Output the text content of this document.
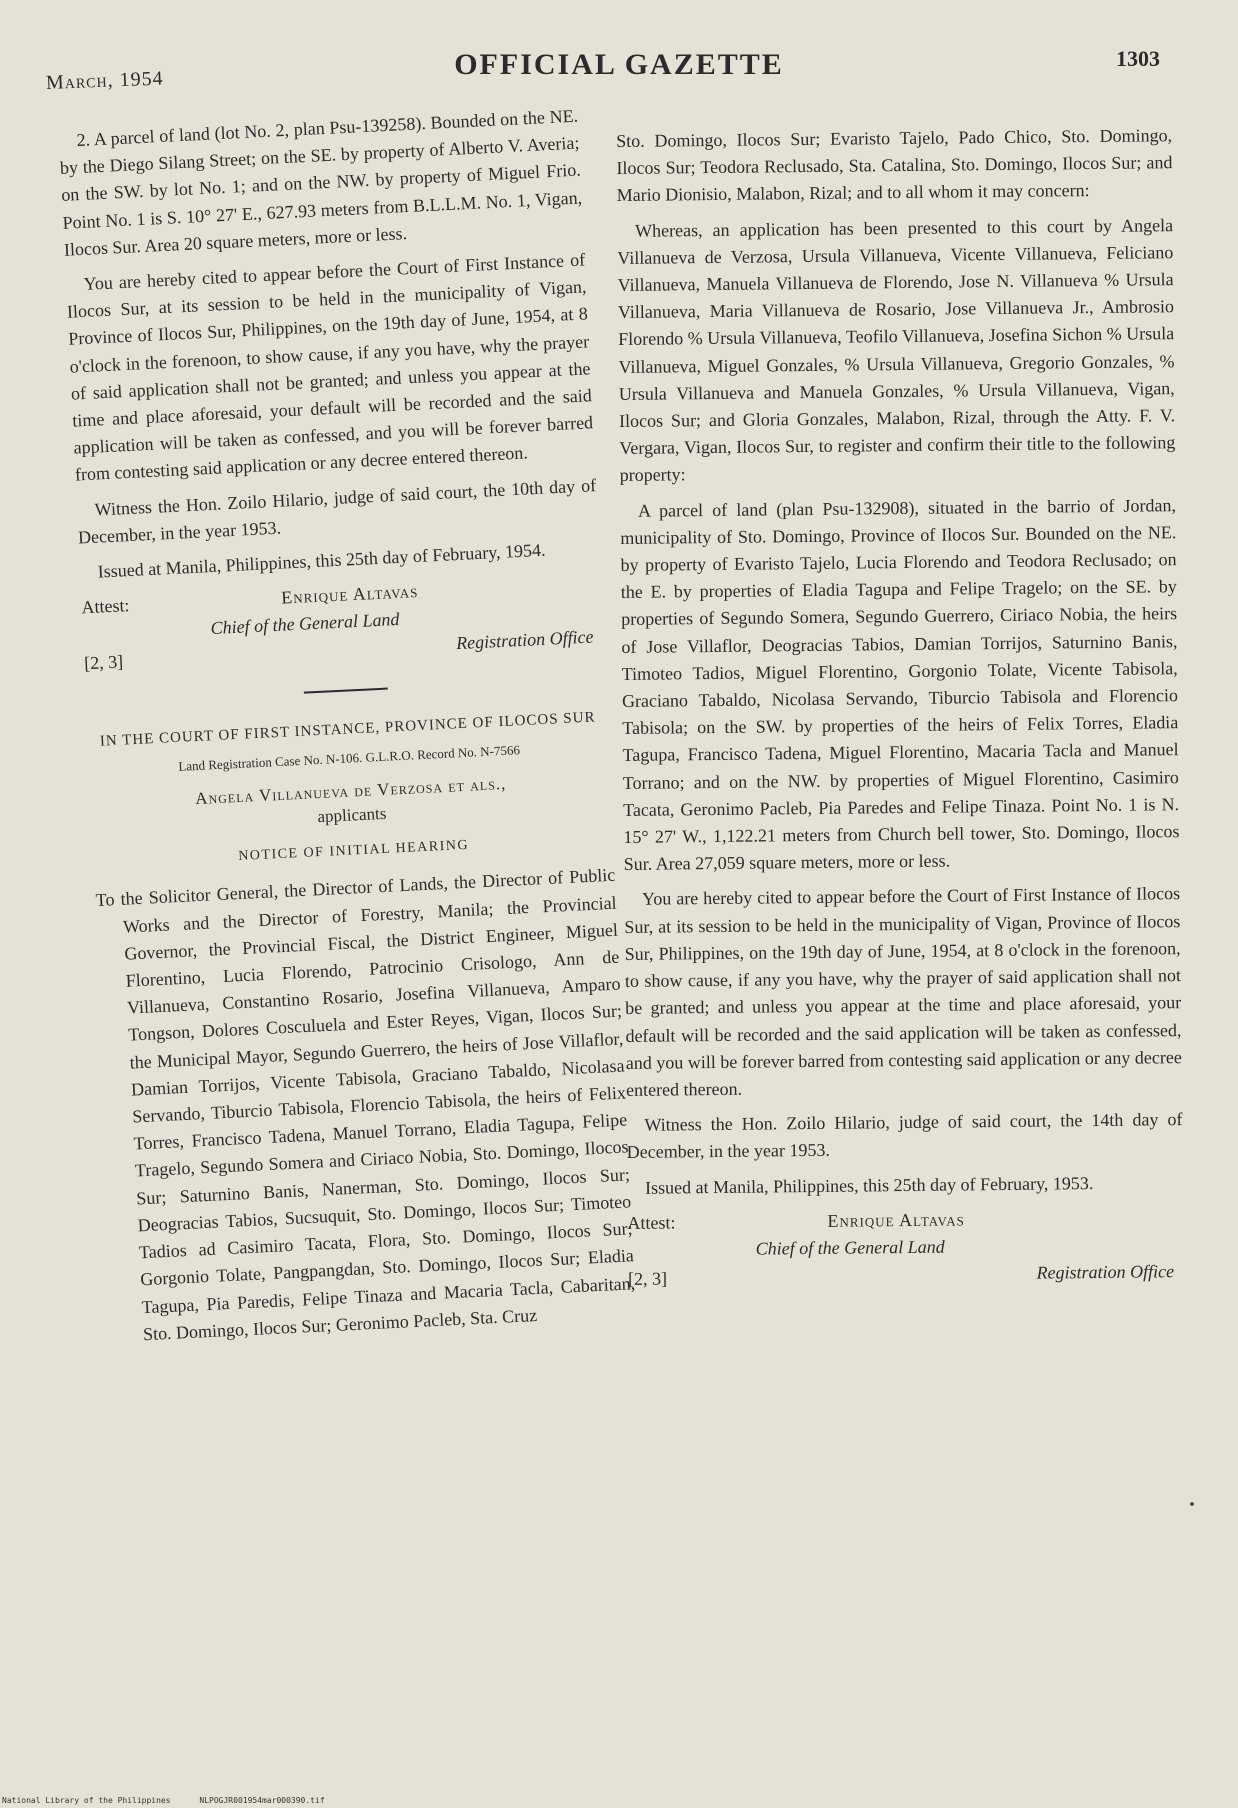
March, 1954	OFFICIAL GAZETTE	1303

2. A parcel of land (lot No. 2, plan Psu-139258). Bounded on the NE. by the Diego Silang Street; on the SE. by property of Alberto V. Averia; on the SW. by lot No. 1; and on the NW. by property of Miguel Frio. Point No. 1 is S. 10° 27' E., 627.93 meters from B.L.L.M. No. 1, Vigan, Ilocos Sur. Area 20 square meters, more or less.

You are hereby cited to appear before the Court of First Instance of Ilocos Sur, at its session to be held in the municipality of Vigan, Province of Ilocos Sur, Philippines, on the 19th day of June, 1954, at 8 o'clock in the forenoon, to show cause, if any you have, why the prayer of said application shall not be granted; and unless you appear at the time and place aforesaid, your default will be recorded and the said application will be taken as confessed, and you will be forever barred from contesting said application or any decree entered thereon.

Witness the Hon. Zoilo Hilario, judge of said court, the 10th day of December, in the year 1953.

Issued at Manila, Philippines, this 25th day of February, 1954.

Attest:	Enrique Altavas
Chief of the General Land
Registration Office
[2, 3]
IN THE COURT OF FIRST INSTANCE, PROVINCE OF ILOCOS SUR
Land Registration Case No. N-106. G.L.R.O. Record No. N-7566
Angela Villanueva de Verzosa et als.,
applicants
NOTICE OF INITIAL HEARING

To the Solicitor General, the Director of Lands, the Director of Public Works and the Director of Forestry, Manila; the Provincial Governor, the Provincial Fiscal, the District Engineer, Miguel Florentino, Lucia Florendo, Patrocinio Crisologo, Ann de Villanueva, Constantino Rosario, Josefina Villanueva, Amparo Tongson, Dolores Cosculuela and Ester Reyes, Vigan, Ilocos Sur; the Municipal Mayor, Segundo Guerrero, the heirs of Jose Villaflor, Damian Torrijos, Vicente Tabisola, Graciano Tabaldo, Nicolasa Servando, Tiburcio Tabisola, Florencio Tabisola, the heirs of Felix Torres, Francisco Tadena, Manuel Torrano, Eladia Tagupa, Felipe Tragelo, Segundo Somera and Ciriaco Nobia, Sto. Domingo, Ilocos Sur; Saturnino Banis, Nanerman, Sto. Domingo, Ilocos Sur; Deogracias Tabios, Sucsuquit, Sto. Domingo, Ilocos Sur; Timoteo Tadios ad Casimiro Tacata, Flora, Sto. Domingo, Ilocos Sur; Gorgonio Tolate, Pangpangdan, Sto. Domingo, Ilocos Sur; Eladia Tagupa, Pia Paredis, Felipe Tinaza and Macaria Tacla, Cabaritan, Sto. Domingo, Ilocos Sur; Geronimo Pacleb, Sta. Cruz

Sto. Domingo, Ilocos Sur; Evaristo Tajelo, Pado Chico, Sto. Domingo, Ilocos Sur; Teodora Reclusado, Sta. Catalina, Sto. Domingo, Ilocos Sur; and Mario Dionisio, Malabon, Rizal; and to all whom it may concern:

Whereas, an application has been presented to this court by Angela Villanueva de Verzosa, Ursula Villanueva, Vicente Villanueva, Feliciano Villanueva, Manuela Villanueva de Florendo, Jose N. Villanueva % Ursula Villanueva, Maria Villanueva de Rosario, Jose Villanueva Jr., Ambrosio Florendo % Ursula Villanueva, Teofilo Villanueva, Josefina Sichon % Ursula Villanueva, Miguel Gonzales, % Ursula Villanueva, Gregorio Gonzales, % Ursula Villanueva and Manuela Gonzales, % Ursula Villanueva, Vigan, Ilocos Sur; and Gloria Gonzales, Malabon, Rizal, through the Atty. F. V. Vergara, Vigan, Ilocos Sur, to register and confirm their title to the following property:

A parcel of land (plan Psu-132908), situated in the barrio of Jordan, municipality of Sto. Domingo, Province of Ilocos Sur. Bounded on the NE. by property of Evaristo Tajelo, Lucia Florendo and Teodora Reclusado; on the E. by properties of Eladia Tagupa and Felipe Tragelo; on the SE. by properties of Segundo Somera, Segundo Guerrero, Ciriaco Nobia, the heirs of Jose Villaflor, Deogracias Tabios, Damian Torrijos, Saturnino Banis, Timoteo Tadios, Miguel Florentino, Gorgonio Tolate, Vicente Tabisola, Graciano Tabaldo, Nicolasa Servando, Tiburcio Tabisola and Florencio Tabisola; on the SW. by properties of the heirs of Felix Torres, Eladia Tagupa, Francisco Tadena, Miguel Florentino, Macaria Tacla and Manuel Torrano; and on the NW. by properties of Miguel Florentino, Casimiro Tacata, Geronimo Pacleb, Pia Paredes and Felipe Tinaza. Point No. 1 is N. 15° 27' W., 1,122.21 meters from Church bell tower, Sto. Domingo, Ilocos Sur. Area 27,059 square meters, more or less.

You are hereby cited to appear before the Court of First Instance of Ilocos Sur, at its session to be held in the municipality of Vigan, Province of Ilocos Sur, Philippines, on the 19th day of June, 1954, at 8 o'clock in the forenoon, to show cause, if any you have, why the prayer of said application shall not be granted; and unless you appear at the time and place aforesaid, your default will be recorded and the said application will be taken as confessed, and you will be forever barred from contesting said application or any decree entered thereon.

Witness the Hon. Zoilo Hilario, judge of said court, the 14th day of December, in the year 1953.

Issued at Manila, Philippines, this 25th day of February, 1953.

Attest:	Enrique Altavas
Chief of the General Land
Registration Office
[2, 3]
National Library of the Philippines	NLPOGJR001954mar000390.tif
